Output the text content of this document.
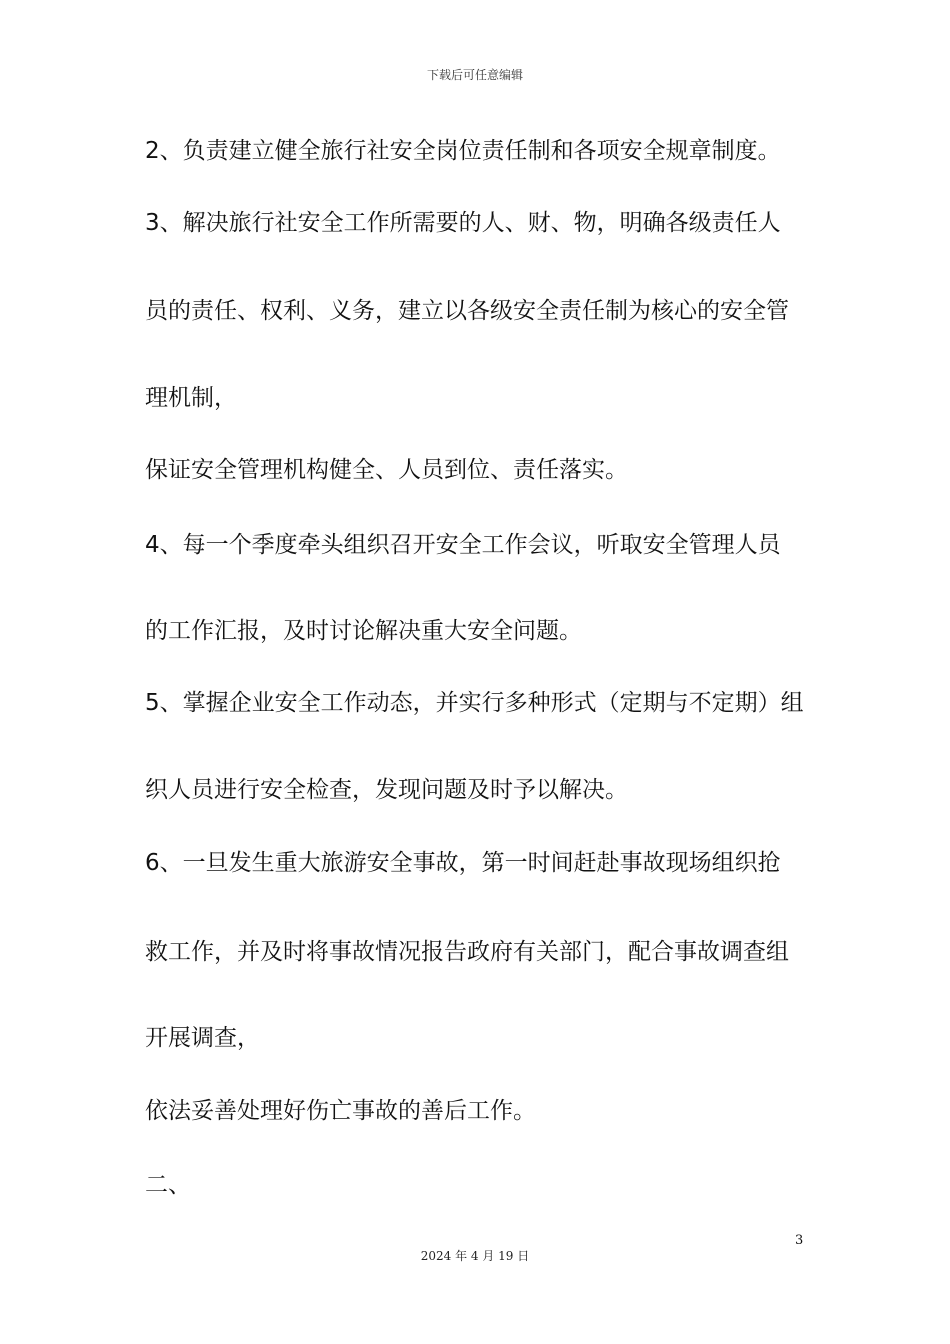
下载后可任意编辑
2、负责建立健全旅行社安全岗位责任制和各项安全规章制度。
3、解决旅行社安全工作所需要的人、财、物，明确各级责任人
员的责任、权利、义务，建立以各级安全责任制为核心的安全管
理机制，
保证安全管理机构健全、人员到位、责任落实。
4、每一个季度牵头组织召开安全工作会议，听取安全管理人员
的工作汇报，及时讨论解决重大安全问题。
5、掌握企业安全工作动态，并实行多种形式（定期与不定期）组
织人员进行安全检查，发现问题及时予以解决。
6、一旦发生重大旅游安全事故，第一时间赶赴事故现场组织抢
救工作，并及时将事故情况报告政府有关部门，配合事故调查组
开展调查，
依法妥善处理好伤亡事故的善后工作。
二、
3
2024 年 4 月 19 日
